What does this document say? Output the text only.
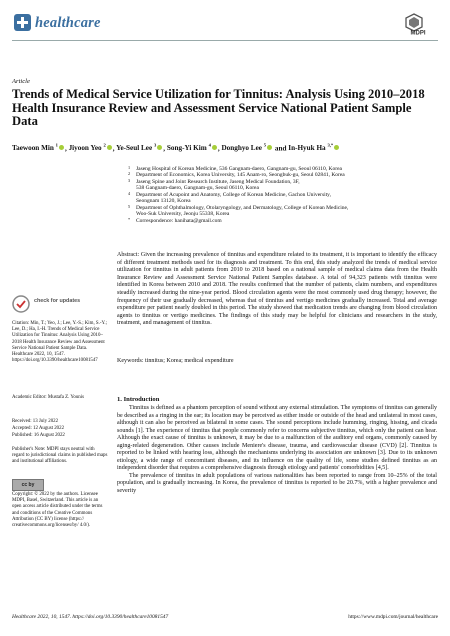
healthcare
MDPI
Article
Trends of Medical Service Utilization for Tinnitus: Analysis Using 2010–2018 Health Insurance Review and Assessment Service National Patient Sample Data
Taewoon Min $^1$ , Jiyoon Yeo $^2$ , Ye-Seul Lee $^3$ , Song-Yi Kim $^4$ , Donghyo Lee $^5$ and In-Hyuk Ha $^{3,*}$
1 Jaseng Hospital of Korean Medicine, 536 Gangnam-daero, Gangnam-gu, Seoul 06110, Korea
2 Department of Economics, Korea University, 145 Anam-ro, Seongbuk-gu, Seoul 02841, Korea
3 Jaseng Spine and Joint Research Institute, Jaseng Medical Foundation, 3F,
538 Gangnam-daero, Gangnam-gu, Seoul 06110, Korea
4 Department of Acupoint and Anatomy, College of Korean Medicine, Gachon University,
Seongnam 13120, Korea
5 Department of Ophthalmology, Otolaryngology, and Dermatology, College of Korean Medicine,
Woo-Suk University, Jeonju 55338, Korea
* Correspondence: hanihata@gmail.com
Abstract: Given the increasing prevalence of tinnitus and expenditure related to its treatment, it is important to identify the efficacy of different treatment methods used for its diagnosis and treatment. To this end, this study analyzed the trends of medical service utilization for tinnitus in adult patients from 2010 to 2018 based on a national sample of medical claims data from the Health Insurance Review and Assessment Service National Patient Samples database. A total of 94,323 patients with tinnitus were identified in Korea between 2010 and 2018. The results confirmed that the number of patients, claim numbers, and expenditures steadily increased during the nine-year period. Blood circulation agents were the most commonly used drug therapy; however, the frequency of their use gradually decreased, whereas that of tinnitus and vertigo medicines gradually increased. Total and average expenditure per patient nearly doubled in this period. The study showed that medication trends are changing from blood circulation agents to tinnitus or vertigo medicines. The findings of this study may be helpful for clinicians and researchers in the study, treatment, and management of tinnitus.
Keywords: tinnitus; Korea; medical expenditure
check for updates
Citation: Min, T.; Yeo, J.; Lee, Y.-S.; Kim, S.-Y.; Lee, D.; Ha, I.-H. Trends of Medical Service Utilization for Tinnitus: Analysis Using 2010–2018 Health Insurance Review and Assessment Service National Patient Sample Data. Healthcare 2022, 10, 1547. https://doi.org/10.3390/healthcare10081547
Academic Editor: Mustafa Z. Younis
Received: 13 July 2022
Accepted: 12 August 2022
Published: 16 August 2022
Publisher's Note: MDPI stays neutral with regard to jurisdictional claims in published maps and institutional affiliations.
cc by
Copyright: © 2022 by the authors. Licensee MDPI, Basel, Switzerland. This article is an open access article distributed under the terms and conditions of the Creative Commons Attribution (CC BY) license (https:// creativecommons.org/licenses/by/ 4.0/).
1. Introduction

Tinnitus is defined as a phantom perception of sound without any external stimulation. The symptoms of tinnitus can generally be described as a ringing in the ear; its location may be perceived as either inside or outside of the head and unilateral in most cases, although it can also be perceived as bilateral in some cases. The sound perceptions include humming, ringing, hissing, and cicada sounds [1]. The experience of tinnitus that people commonly refer to concerns subjective tinnitus, which only the patient can hear. Although the exact cause of tinnitus is unknown, it may be due to a malfunction of the auditory end organs, commonly caused by aging-related degeneration. Other causes include Meniere's disease, trauma, and cardiovascular disease (CVD) [2]. Tinnitus is reported to be linked with hearing loss, although the mechanisms underlying its association are unknown [3]. Due to its unknown etiology, a wide range of concomitant diseases, and its influence on the quality of life, some studies defined tinnitus as an independent disorder that requires a comprehensive diagnosis through etiology and patients' comorbidities [4,5].

The prevalence of tinnitus in adult populations of various nationalities has been reported to range from 10–25% of the total population, and is gradually increasing. In Korea, the prevalence of tinnitus is reported to be 20.7%, with a higher prevalence and severity

Healthcare 2022, 10, 1547. https://doi.org/10.3390/healthcare10081547	https://www.mdpi.com/journal/healthcare
